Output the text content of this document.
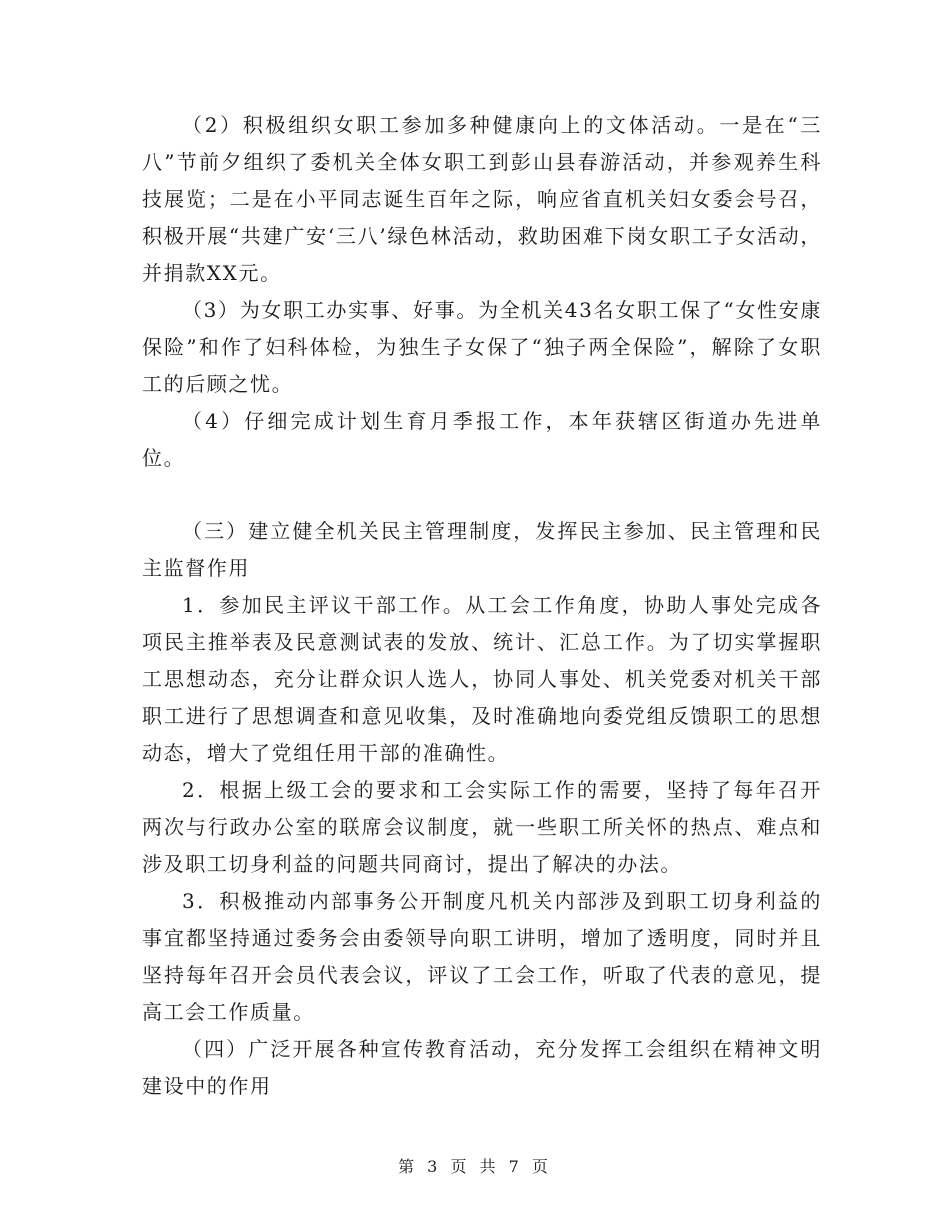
（2）积极组织女职工参加多种健康向上的文体活动。一是在“三八”节前夕组织了委机关全体女职工到彭山县春游活动，并参观养生科技展览；二是在小平同志诞生百年之际，响应省直机关妇女委会号召，积极开展“共建广安‘三八’绿色林活动，救助困难下岗女职工子女活动，并捐款XX元。

（3）为女职工办实事、好事。为全机关43名女职工保了“女性安康保险”和作了妇科体检，为独生子女保了“独子两全保险”，解除了女职工的后顾之忧。

（4）仔细完成计划生育月季报工作，本年获辖区街道办先进单位。

（三）建立健全机关民主管理制度，发挥民主参加、民主管理和民主监督作用

1．参加民主评议干部工作。从工会工作角度，协助人事处完成各项民主推举表及民意测试表的发放、统计、汇总工作。为了切实掌握职工思想动态，充分让群众识人选人，协同人事处、机关党委对机关干部职工进行了思想调查和意见收集，及时准确地向委党组反馈职工的思想动态，增大了党组任用干部的准确性。

2．根据上级工会的要求和工会实际工作的需要，坚持了每年召开两次与行政办公室的联席会议制度，就一些职工所关怀的热点、难点和涉及职工切身利益的问题共同商讨，提出了解决的办法。

3．积极推动内部事务公开制度凡机关内部涉及到职工切身利益的事宜都坚持通过委务会由委领导向职工讲明，增加了透明度，同时并且坚持每年召开会员代表会议，评议了工会工作，听取了代表的意见，提高工会工作质量。

（四）广泛开展各种宣传教育活动，充分发挥工会组织在精神文明建设中的作用

第 3 页 共 7 页
